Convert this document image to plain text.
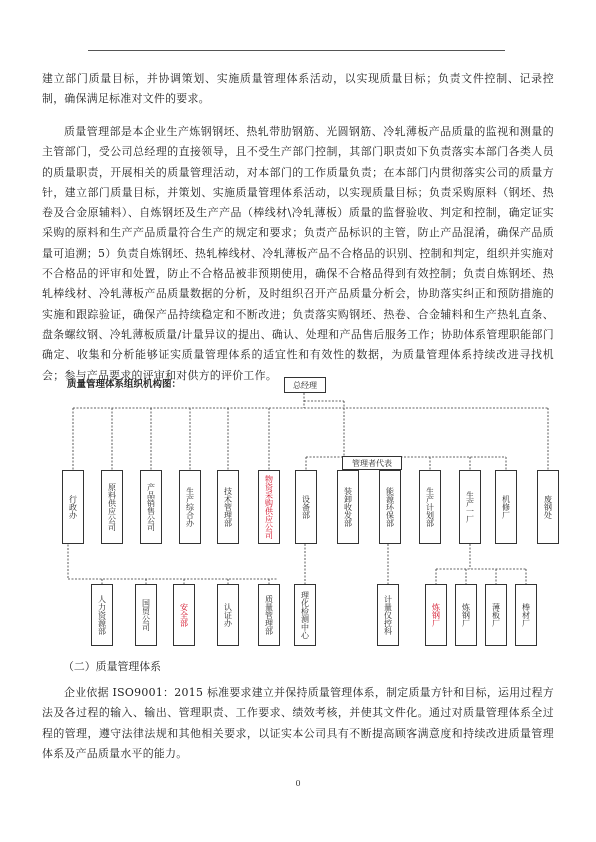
建立部门质量目标，并协调策划、实施质量管理体系活动，以实现质量目标；负责文件控制、记录控制，确保满足标准对文件的要求。

质量管理部是本企业生产炼钢钢坯、热轧带肋钢筋、光圆钢筋、冷轧薄板产品质量的监视和测量的主管部门，受公司总经理的直接领导，且不受生产部门控制，其部门职责如下负责落实本部门各类人员的质量职责，开展相关的质量管理活动，对本部门的工作质量负责；在本部门内贯彻落实公司的质量方针，建立部门质量目标，并策划、实施质量管理体系活动，以实现质量目标；负责采购原料（钢坯、热卷及合金原辅料）、自炼钢坯及生产产品（棒线材\冷轧薄板）质量的监督验收、判定和控制，确定证实采购的原料和生产产品质量符合生产的规定和要求；负责产品标识的主管，防止产品混淆，确保产品质量可追溯；5）负责自炼钢坯、热轧棒线材、冷轧薄板产品不合格品的识别、控制和判定，组织并实施对不合格品的评审和处置，防止不合格品被非预期使用，确保不合格品得到有效控制；负责自炼钢坯、热轧棒线材、冷轧薄板产品质量数据的分析，及时组织召开产品质量分析会，协助落实纠正和预防措施的实施和跟踪验证，确保产品持续稳定和不断改进；负责落实购钢坯、热卷、合金辅料和生产热轧直条、盘条螺纹钢、冷轧薄板质量/计量异议的提出、确认、处理和产品售后服务工作；协助体系管理职能部门确定、收集和分析能够证实质量管理体系的适宜性和有效性的数据，为质量管理体系持续改进寻找机会；参与产品要求的评审和对供方的评价工作。

质量管理体系组织机构图：	总经理
管理者代表
行政办	原料供应公司	产品销售公司	生产综合办	技术管理部	物资采购供应公司	设备部	装卸收发部	能源环保部	生产计划部	生产一厂	机修厂	废钢处
人力资源部	国贸公司	安全部	认证办	质量管理部	理化检测中心	计量仪控科	炼钢厂	炼钢厂	薄板厂	棒材厂

（二）质量管理体系

企业依据 ISO9001：2015 标准要求建立并保持质量管理体系，制定质量方针和目标，运用过程方法及各过程的输入、输出、管理职责、工作要求、绩效考核，并使其文件化。通过对质量管理体系全过程的管理，遵守法律法规和其他相关要求，以证实本公司具有不断提高顾客满意度和持续改进质量管理体系及产品质量水平的能力。

0
